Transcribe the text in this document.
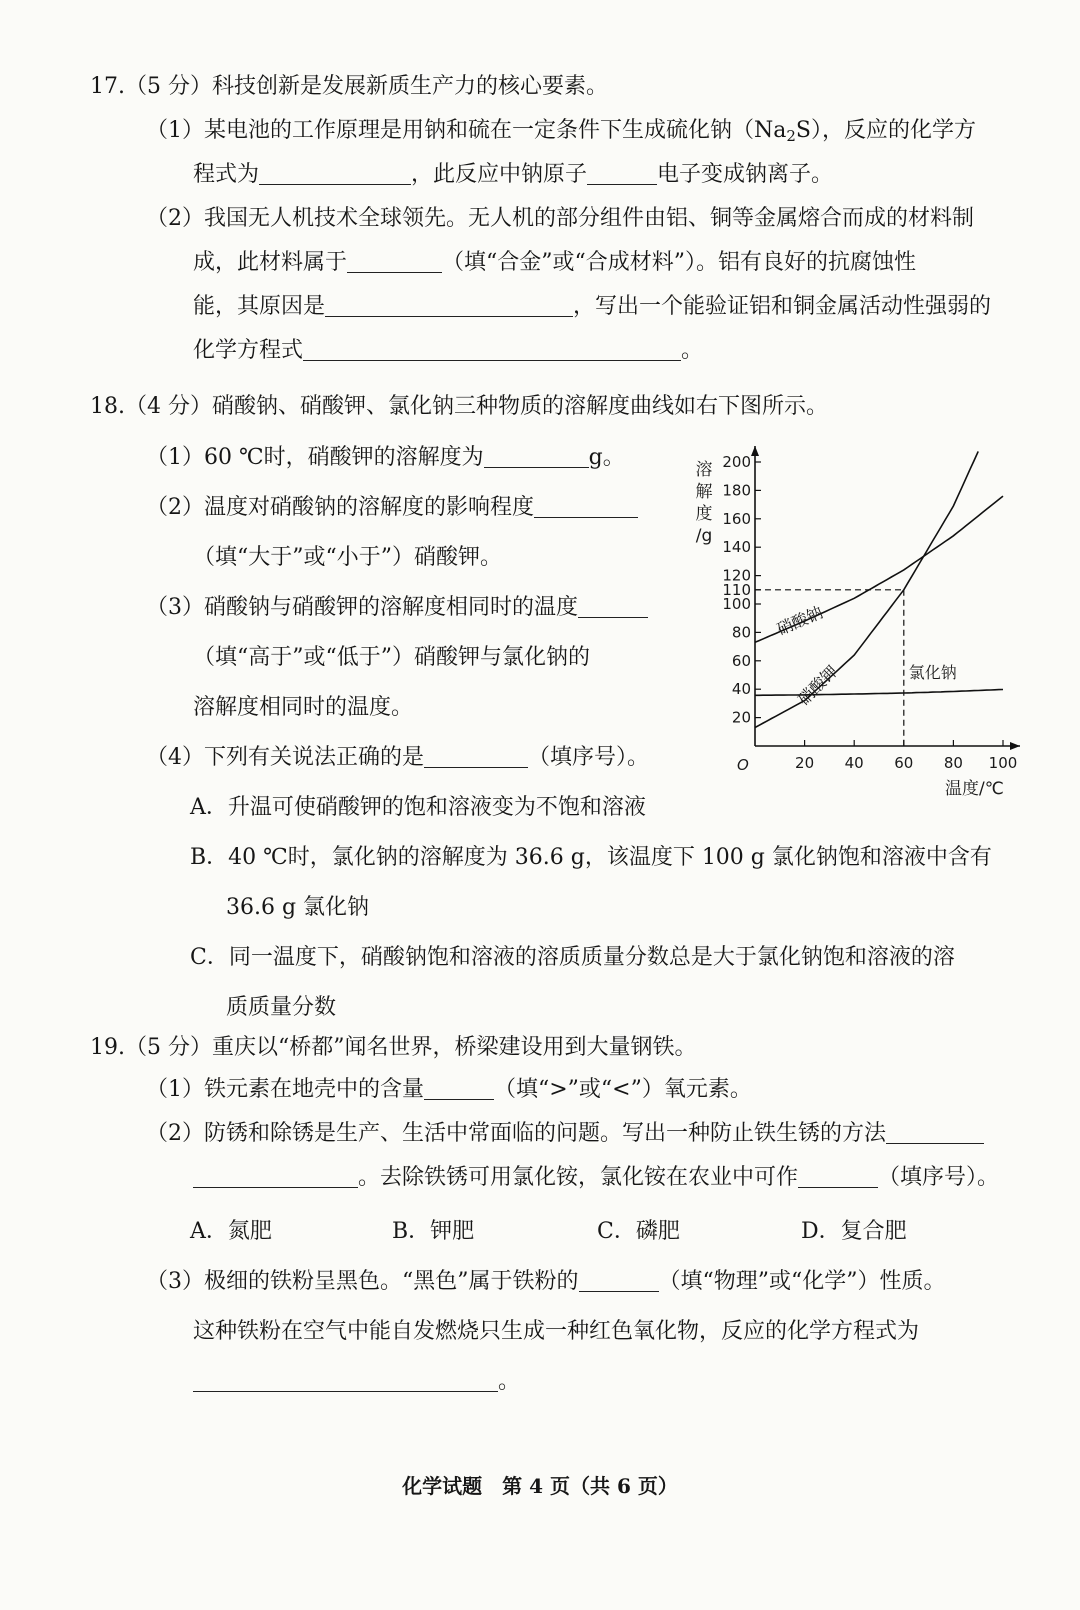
17.（5 分）科技创新是发展新质生产力的核心要素。
（1）某电池的工作原理是用钠和硫在一定条件下生成硫化钠$(Na_2S)$，反应的化学方
程式为	，此反应中钠原子	电子变成钠离子。
（2）我国无人机技术全球领先。无人机的部分组件由铝、铜等金属熔合而成的材料制
成，此材料属于	（填“合金”或“合成材料”）。铝有良好的抗腐蚀性
能，其原因是	，写出一个能验证铝和铜金属活动性强弱的
化学方程式	。
18.（4 分）硝酸钠、硝酸钾、氯化钠三种物质的溶解度曲线如右下图所示。
（1）60 ℃时，硝酸钾的溶解度为	g。
（2）温度对硝酸钠的溶解度的影响程度
（填“大于”或“小于”）硝酸钾。
（3）硝酸钠与硝酸钾的溶解度相同时的温度
（填“高于”或“低于”）硝酸钾与氯化钠的
溶解度相同时的温度。
（4）下列有关说法正确的是	（填序号）。
A．升温可使硝酸钾的饱和溶液变为不饱和溶液
B．40 ℃时，氯化钠的溶解度为 36.6 g，该温度下 100 g 氯化钠饱和溶液中含有
36.6 g 氯化钠
C．同一温度下，硝酸钠饱和溶液的溶质质量分数总是大于氯化钠饱和溶液的溶
质质量分数
20
40
60
80
100
110
120
140
160
180
200
20 40 60 80 100
O
溶
解
度
/g
温度/℃
硝酸钠
硝酸钾	氯化钠
19.（5 分）重庆以“桥都”闻名世界，桥梁建设用到大量钢铁。
（1）铁元素在地壳中的含量	（填“>”或“<”）氧元素。
（2）防锈和除锈是生产、生活中常面临的问题。写出一种防止铁生锈的方法
。去除铁锈可用氯化铵，氯化铵在农业中可作	（填序号）。
A．氮肥	B．钾肥	C．磷肥	D．复合肥
（3）极细的铁粉呈黑色。“黑色”属于铁粉的	（填“物理”或“化学”）性质。
这种铁粉在空气中能自发燃烧只生成一种红色氧化物，反应的化学方程式为
。
化学试题　第 4 页（共 6 页）
